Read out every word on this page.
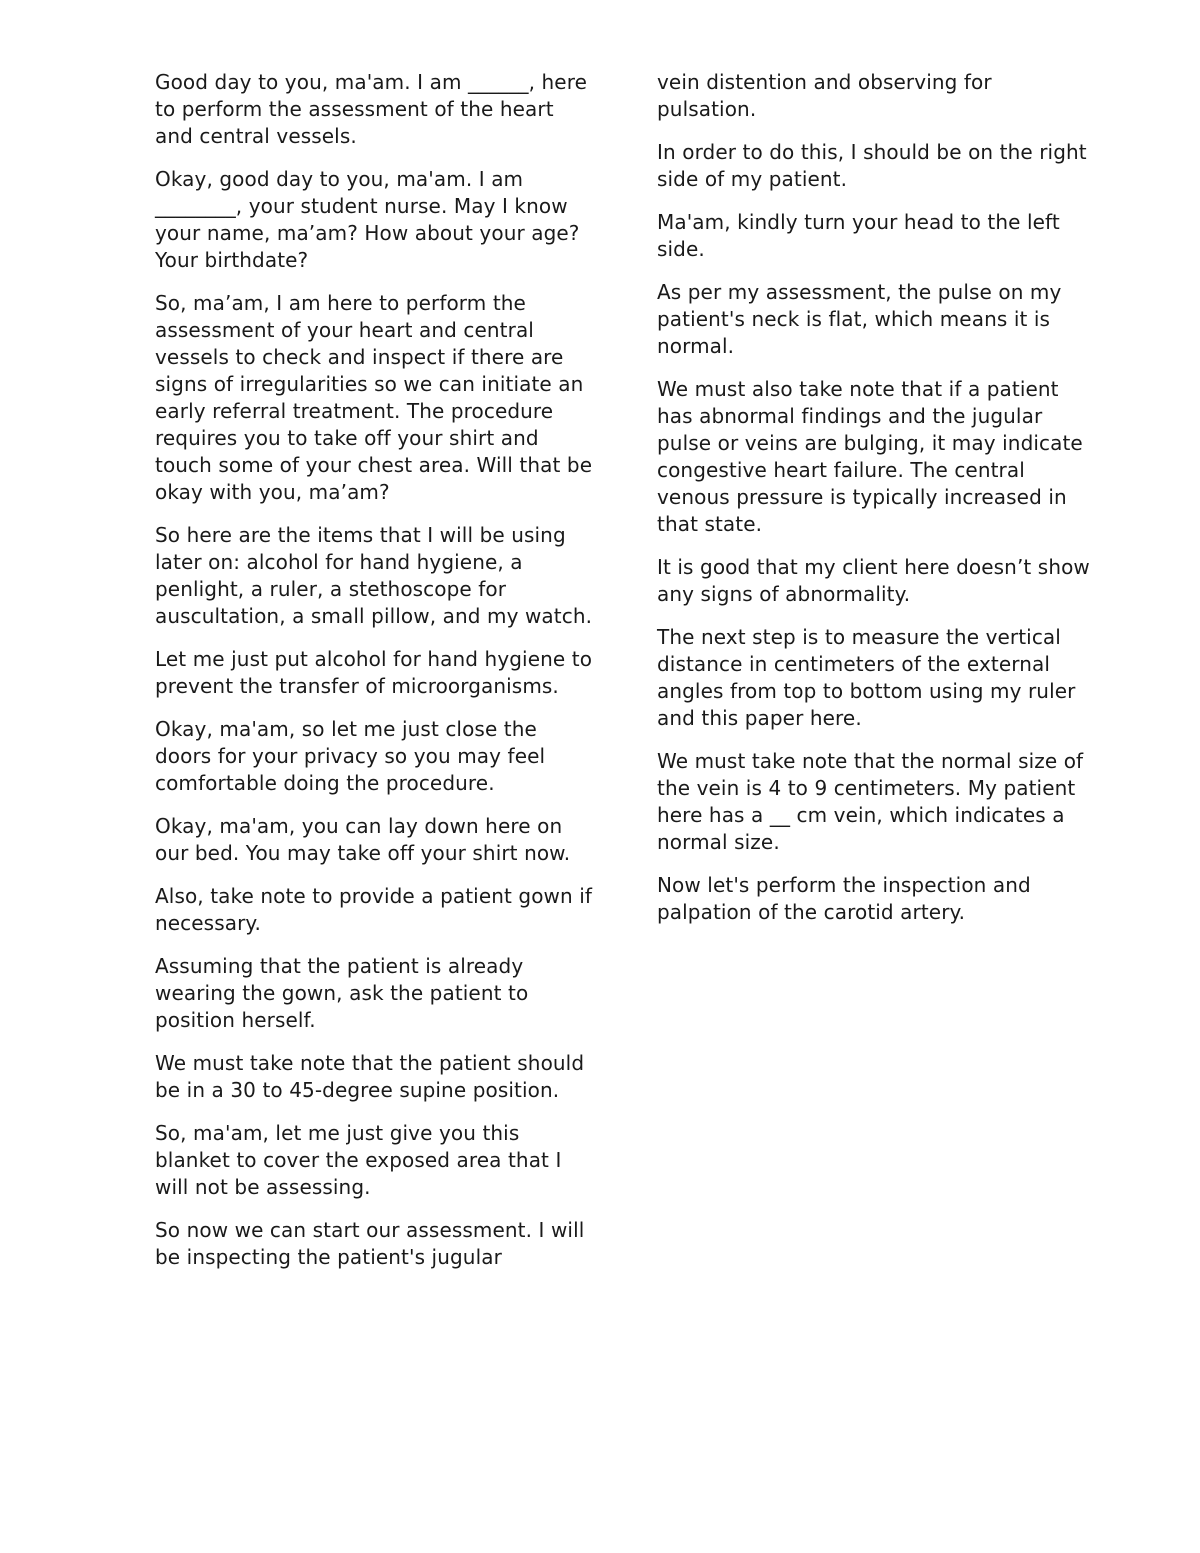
Good day to you, ma'am. I am ______, here to perform the assessment of the heart and central vessels.

Okay, good day to you, ma'am. I am ________, your student nurse. May I know your name, ma’am? How about your age? Your birthdate?

So, ma’am, I am here to perform the assessment of your heart and central vessels to check and inspect if there are signs of irregularities so we can initiate an early referral treatment. The procedure requires you to take off your shirt and touch some of your chest area. Will that be okay with you, ma’am?

So here are the items that I will be using later on: alcohol for hand hygiene, a penlight, a ruler, a stethoscope for auscultation, a small pillow, and my watch.

Let me just put alcohol for hand hygiene to prevent the transfer of microorganisms.

Okay, ma'am, so let me just close the doors for your privacy so you may feel comfortable doing the procedure.

Okay, ma'am, you can lay down here on our bed. You may take off your shirt now.

Also, take note to provide a patient gown if necessary.

Assuming that the patient is already wearing the gown, ask the patient to position herself.

We must take note that the patient should be in a 30 to 45-degree supine position.

So, ma'am, let me just give you this blanket to cover the exposed area that I will not be assessing.

So now we can start our assessment. I will be inspecting the patient's jugular

vein distention and observing for pulsation.

In order to do this, I should be on the right side of my patient.

Ma'am, kindly turn your head to the left side.

As per my assessment, the pulse on my patient's neck is flat, which means it is normal.

We must also take note that if a patient has abnormal findings and the jugular pulse or veins are bulging, it may indicate congestive heart failure. The central venous pressure is typically increased in that state.

It is good that my client here doesn’t show any signs of abnormality.

The next step is to measure the vertical distance in centimeters of the external angles from top to bottom using my ruler and this paper here.

We must take note that the normal size of the vein is 4 to 9 centimeters. My patient here has a __ cm vein, which indicates a normal size.

Now let's perform the inspection and palpation of the carotid artery.
